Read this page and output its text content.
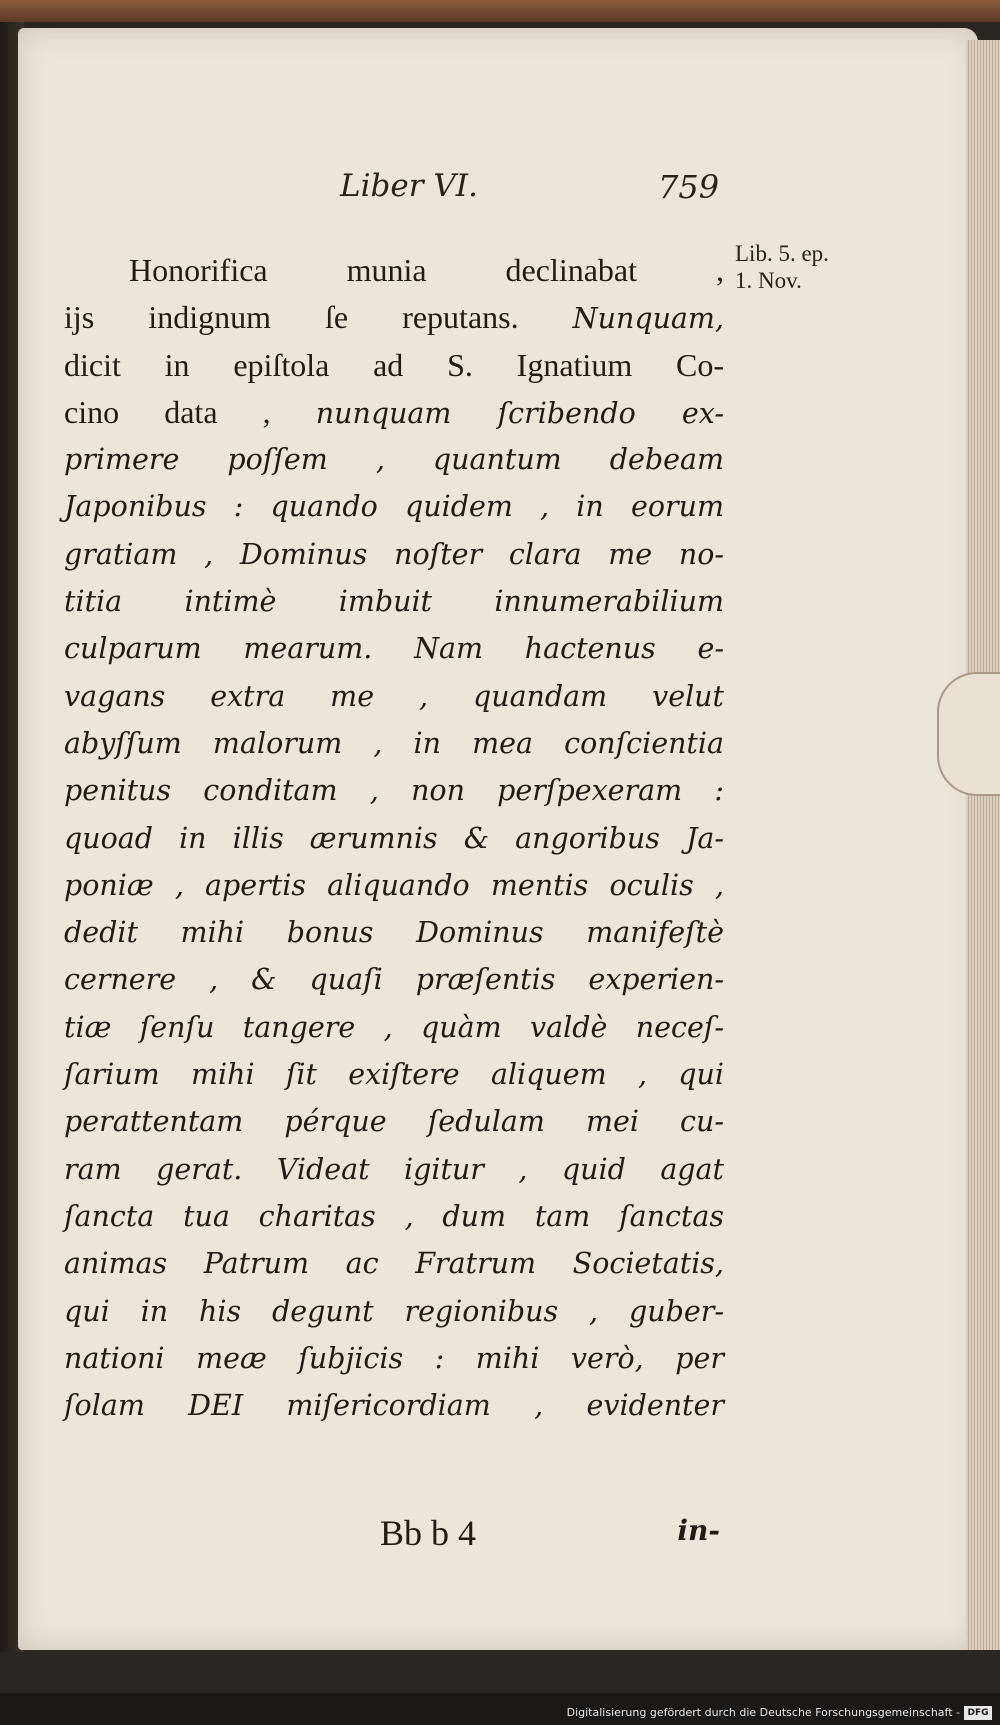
Liber VI.	759
Lib. 5. ep.
1. Nov.
Honorifica munia declinabat ,
ijs indignum ſe reputans. Nunquam,
dicit in epiſtola ad S. Ignatium Co-
cino data , nunquam ſcribendo ex-
primere poſſem , quantum debeam
Japonibus : quando quidem , in eorum
gratiam , Dominus noſter clara me no-
titia intimè imbuit innumerabilium
culparum mearum. Nam hactenus e-
vagans extra me , quandam velut
abyſſum malorum , in mea conſcientia
penitus conditam , non perſpexeram :
quoad in illis ærumnis & angoribus Ja-
poniæ , apertis aliquando mentis oculis ,
dedit mihi bonus Dominus manifeſtè
cernere , & quaſi præſentis experien-
tiæ ſenſu tangere , quàm valdè neceſ-
ſarium mihi ſit exiſtere aliquem , qui
perattentam pérque ſedulam mei cu-
ram gerat. Videat igitur , quid agat
ſancta tua charitas , dum tam ſanctas
animas Patrum ac Fratrum Societatis,
qui in his degunt regionibus , guber-
nationi meæ ſubjicis : mihi verò, per
ſolam DEI miſericordiam , evidenter
Bb b 4	in-
Digitalisierung gefördert durch die Deutsche Forschungsgemeinschaft - DFG
